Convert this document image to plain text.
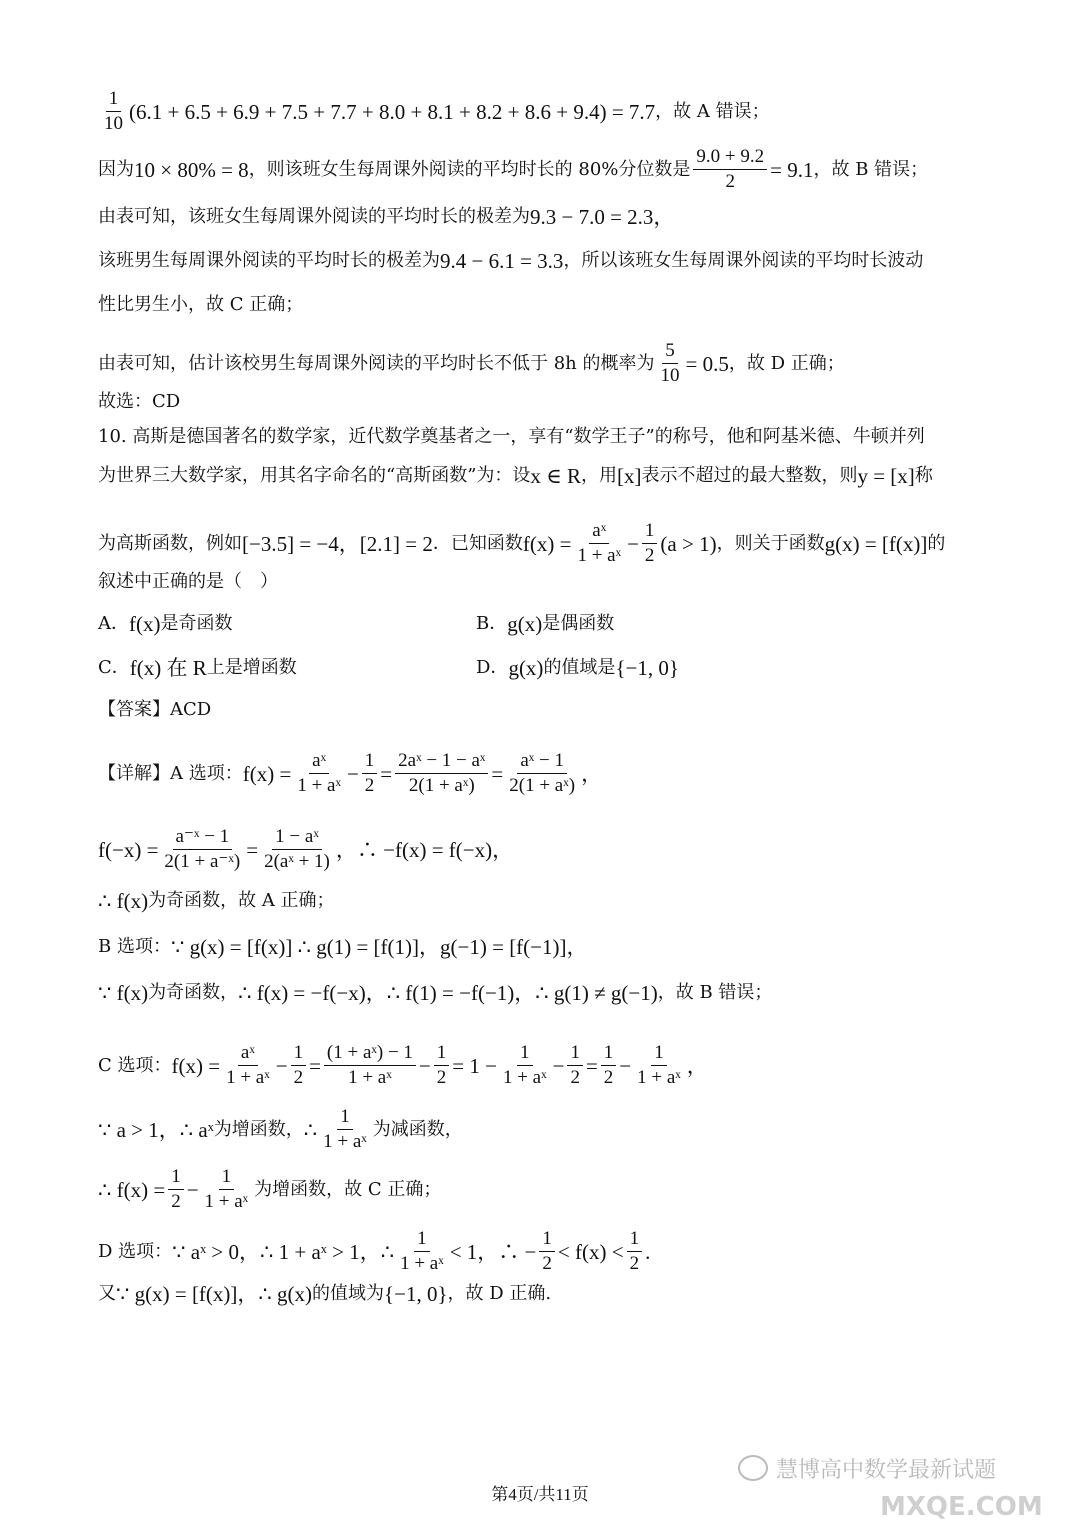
$\frac{1}{10} (6.1 + 6.5 + 6.9 + 7.5 + 7.7 + 8.0 + 8.1 + 8.2 + 8.6 + 9.4) = 7.7$ ，故 A 错误；
因为 10 × 80% = 8 ，则该班女生每周课外阅读的平均时长的 80%分位数是 $\frac{9.0 + 9.2}{2} = 9.1$ ，故 B 错误；
由表可知，该班女生每周课外阅读的平均时长的极差为 9.3 − 7.0 = 2.3，
该班男生每周课外阅读的平均时长的极差为 9.4 − 6.1 = 3.3 ，所以该班女生每周课外阅读的平均时长波动
性比男生小，故 C 正确；
由表可知，估计该校男生每周课外阅读的平均时长不低于 8h 的概率为 $\frac{5}{10} = 0.5$ ，故 D 正确；
故选：CD
10. 高斯是德国著名的数学家，近代数学奠基者之一，享有“数学王子”的称号，他和阿基米德、牛顿并列
为世界三大数学家，用其名字命名的“高斯函数”为：设 x ∈ R ，用 [x] 表示不超过的最大整数，则 y = [x] 称
为高斯函数，例如 [−3.5] = −4，[2.1] = 2 ．已知函数 $f(x) = \frac{\text{aˣ}}{\text{1 + aˣ}} - \frac{1}{2} (a > 1)$ ，则关于函数 g(x) = [f(x)] 的
叙述中正确的是（　）
A． f(x) 是奇函数	B． g(x) 是偶函数
C． f(x) 在 R 上是增函数	D． g(x) 的值域是 {−1, 0}
【答案】ACD
【详解】A 选项： $f(x) = \frac{\text{aˣ}}{\text{1 + aˣ}} - \frac{1}{2} = \frac{\text{2aˣ − 1 − aˣ}}{\text{2(1 + aˣ)}} = \frac{\text{aˣ − 1}}{\text{2(1 + aˣ)}}$ ，
$f(-x) = \frac{\text{a⁻ˣ − 1}}{\text{2(1 + a⁻ˣ)}} = \frac{\text{1 − aˣ}}{\text{2(aˣ + 1)}}$ ，∴ −f(x) = f(−x)，
∴ f(x) 为奇函数，故 A 正确；
B 选项： ∵ g(x) = [f(x)] ∴ g(1) = [f(1)]，g(−1) = [f(−1)]，
∵ f(x) 为奇函数， ∴ f(x) = −f(−x)，∴ f(1) = −f(−1)，∴ g(1) ≠ g(−1) ，故 B 错误；
C 选项： $f(x) = \frac{\text{aˣ}}{\text{1 + aˣ}} - \frac{1}{2} = \frac{\text{(1 + aˣ) − 1}}{\text{1 + aˣ}} - \frac{1}{2} = 1 - \frac{1}{\text{1 + aˣ}} - \frac{1}{2} = \frac{1}{2} - \frac{1}{\text{1 + aˣ}}$ ，
∵ a > 1，∴ aˣ 为增函数， ∴ $\frac{1}{\text{1 + aˣ}}$ 为减函数，
∴ $f(x) = \frac{1}{2} - \frac{1}{\text{1 + aˣ}}$ 为增函数，故 C 正确；
D 选项： ∵ aˣ > 0，∴ 1 + aˣ > 1，∴ $\frac{1}{\text{1 + aˣ}} < 1$，∴ − $\frac{1}{2} < f(x) < \frac{1}{2}$ .
又 ∵ g(x) = [f(x)]，∴ g(x) 的值域为 {−1, 0} ，故 D 正确.
慧博高中数学最新试题
MXQE.COM
第4页/共11页
